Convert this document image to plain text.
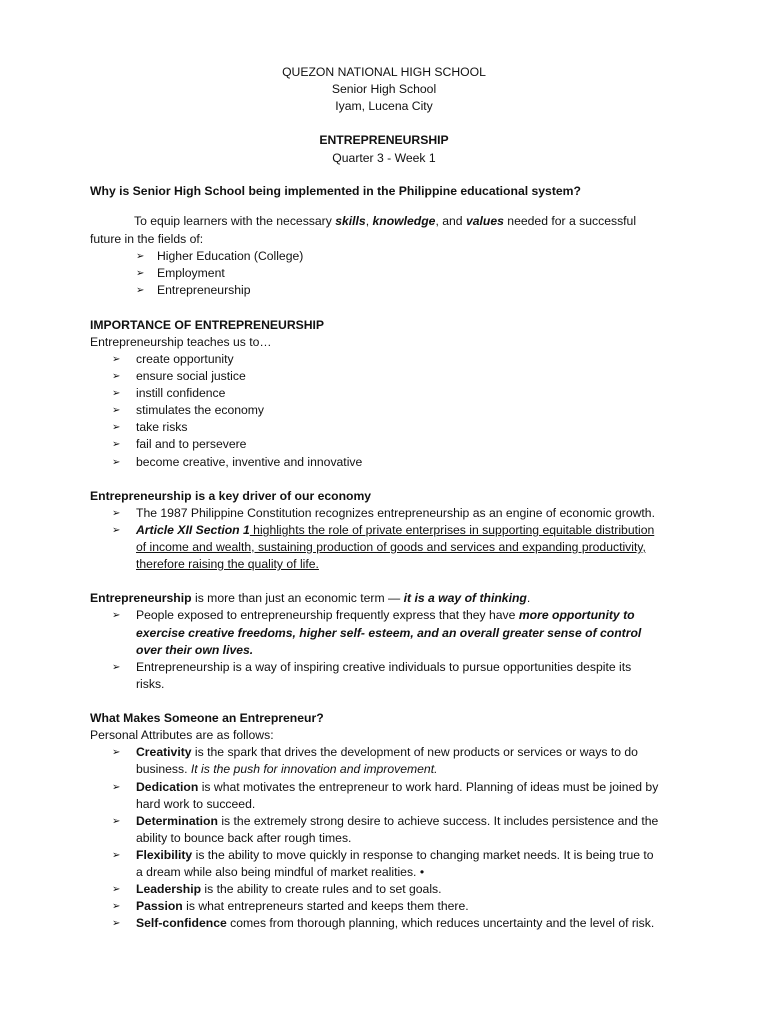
QUEZON NATIONAL HIGH SCHOOL
Senior High School
Iyam, Lucena City
ENTREPRENEURSHIP
Quarter 3 - Week 1
Why is Senior High School being implemented in the Philippine educational system?
To equip learners with the necessary skills, knowledge, and values needed for a successful
future in the fields of:
➢	Higher Education (College)
➢	Employment
➢	Entrepreneurship
IMPORTANCE OF ENTREPRENEURSHIP
Entrepreneurship teaches us to…
➢	create opportunity
➢	ensure social justice
➢	instill confidence
➢	stimulates the economy
➢	take risks
➢	fail and to persevere
➢	become creative, inventive and innovative
Entrepreneurship is a key driver of our economy
➢	The 1987 Philippine Constitution recognizes entrepreneurship as an engine of economic growth.
➢	Article XII Section 1 highlights the role of private enterprises in supporting equitable distribution
of income and wealth, sustaining production of goods and services and expanding productivity,
therefore raising the quality of life.
Entrepreneurship is more than just an economic term — it is a way of thinking.
➢	People exposed to entrepreneurship frequently express that they have more opportunity to
exercise creative freedoms, higher self- esteem, and an overall greater sense of control
over their own lives.
➢	Entrepreneurship is a way of inspiring creative individuals to pursue opportunities despite its
risks.
What Makes Someone an Entrepreneur?
Personal Attributes are as follows:
➢	Creativity is the spark that drives the development of new products or services or ways to do
business. It is the push for innovation and improvement.
➢	Dedication is what motivates the entrepreneur to work hard. Planning of ideas must be joined by
hard work to succeed.
➢	Determination is the extremely strong desire to achieve success. It includes persistence and the
ability to bounce back after rough times.
➢	Flexibility is the ability to move quickly in response to changing market needs. It is being true to
a dream while also being mindful of market realities. •
➢	Leadership is the ability to create rules and to set goals.
➢	Passion is what entrepreneurs started and keeps them there.
➢	Self-confidence comes from thorough planning, which reduces uncertainty and the level of risk.
